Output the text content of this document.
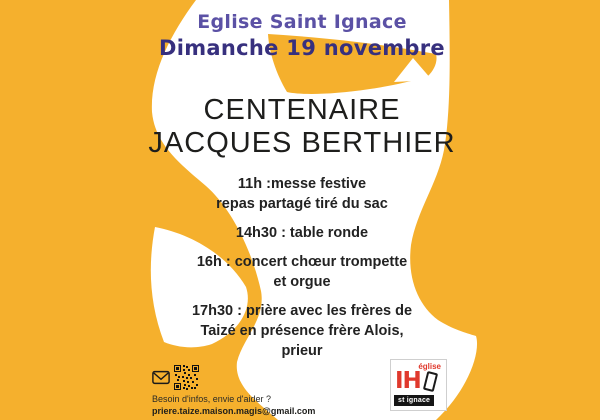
Eglise Saint Ignace
Dimanche 19 novembre
CENTENAIRE
JACQUES BERTHIER
11h :messe festive
repas partagé tiré du sac
14h30 : table ronde
16h : concert chœur trompette
et orgue
17h30 : prière avec les frères de
Taizé en présence frère Alois,
prieur
Besoin d'infos, envie d'aider ?
priere.taize.maison.magis@gmail.com
église
IH
st ignace
